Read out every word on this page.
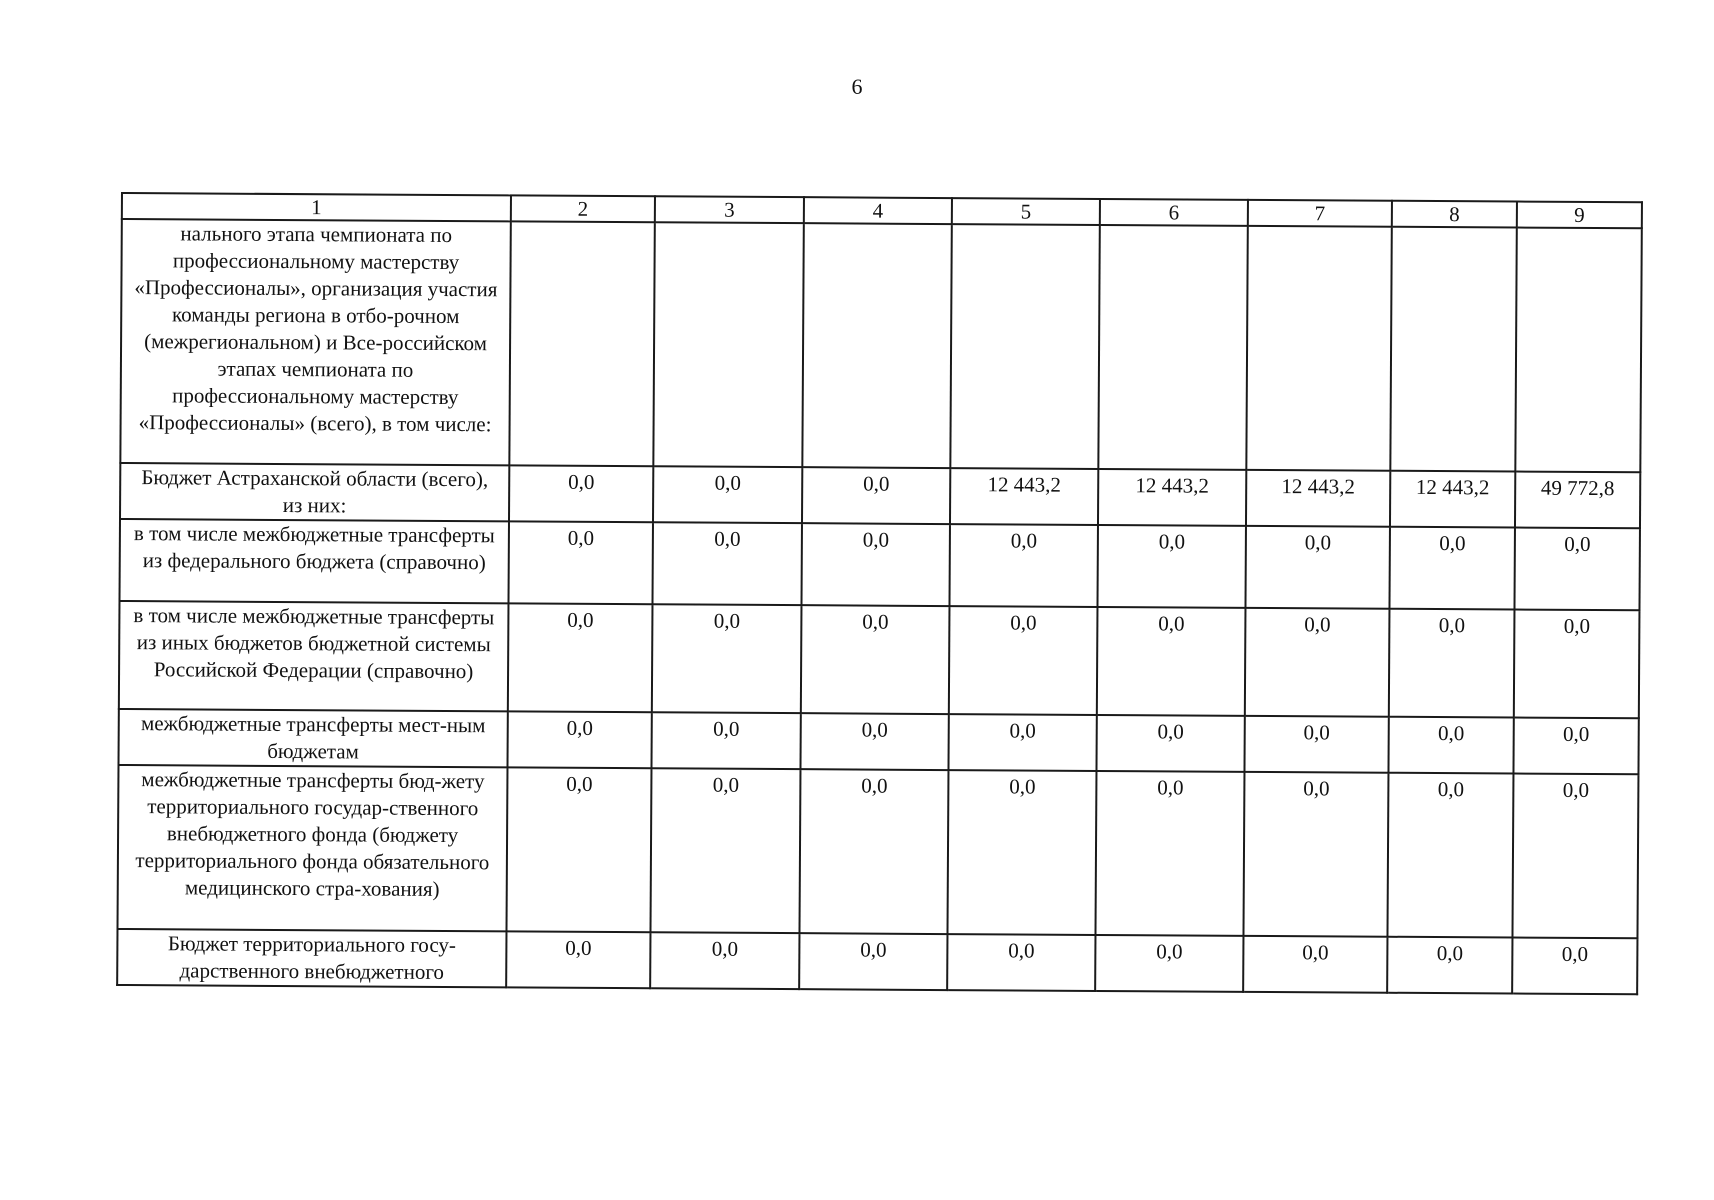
6
1	2	3	4	5	6	7	8	9
нального этапа чемпионата по профессиональному мастерству «Профессионалы», организация участия команды региона в отбо-рочном (межрегиональном) и Все-российском этапах чемпионата по профессиональному мастерству «Профессионалы» (всего), в том числе:								
Бюджет Астраханской области (всего), из них:	0,0	0,0	0,0	12 443,2	12 443,2	12 443,2	12 443,2	49 772,8
в том числе межбюджетные трансферты из федерального бюджета (справочно)	0,0	0,0	0,0	0,0	0,0	0,0	0,0	0,0
в том числе межбюджетные трансферты из иных бюджетов бюджетной системы Российской Федерации (справочно)	0,0	0,0	0,0	0,0	0,0	0,0	0,0	0,0
межбюджетные трансферты мест-ным бюджетам	0,0	0,0	0,0	0,0	0,0	0,0	0,0	0,0
межбюджетные трансферты бюд-жету территориального государ-ственного внебюджетного фонда (бюджету территориального фонда обязательного медицинского стра-хования)	0,0	0,0	0,0	0,0	0,0	0,0	0,0	0,0
Бюджет территориального госу-дарственного внебюджетного	0,0	0,0	0,0	0,0	0,0	0,0	0,0	0,0
